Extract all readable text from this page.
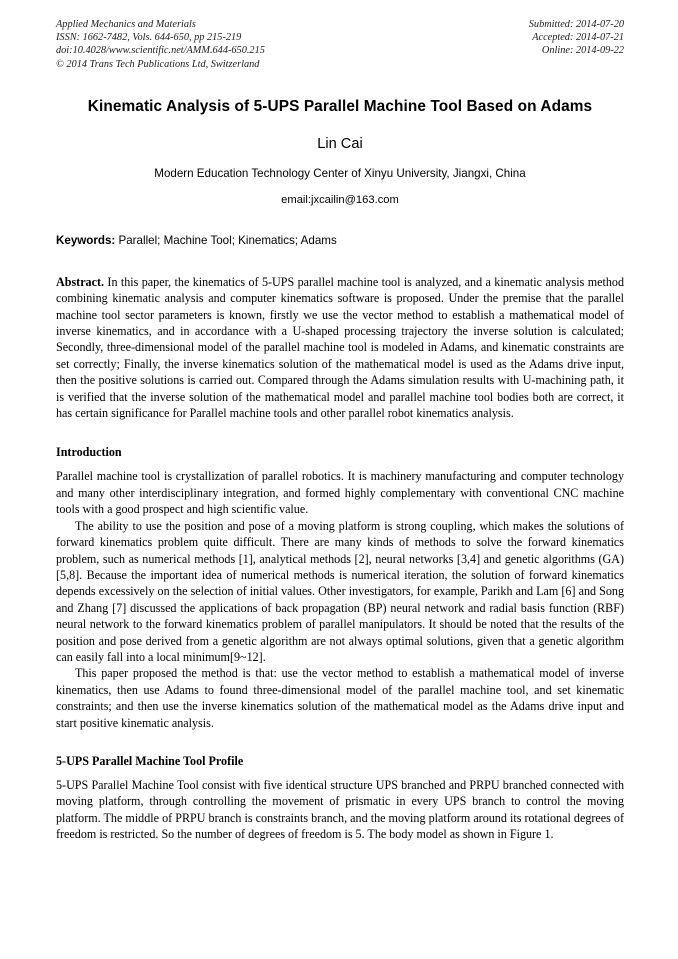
Applied Mechanics and Materials
ISSN: 1662-7482, Vols. 644-650, pp 215-219
doi:10.4028/www.scientific.net/AMM.644-650.215
© 2014 Trans Tech Publications Ltd, Switzerland
Submitted: 2014-07-20
Accepted: 2014-07-21
Online: 2014-09-22
Kinematic Analysis of 5-UPS Parallel Machine Tool Based on Adams
Lin Cai
Modern Education Technology Center of Xinyu University, Jiangxi, China
email:jxcailin@163.com
Keywords: Parallel; Machine Tool; Kinematics; Adams
Abstract. In this paper, the kinematics of 5-UPS parallel machine tool is analyzed, and a kinematic analysis method combining kinematic analysis and computer kinematics software is proposed. Under the premise that the parallel machine tool sector parameters is known, firstly we use the vector method to establish a mathematical model of inverse kinematics, and in accordance with a U-shaped processing trajectory the inverse solution is calculated; Secondly, three-dimensional model of the parallel machine tool is modeled in Adams, and kinematic constraints are set correctly; Finally, the inverse kinematics solution of the mathematical model is used as the Adams drive input, then the positive solutions is carried out. Compared through the Adams simulation results with U-machining path, it is verified that the inverse solution of the mathematical model and parallel machine tool bodies both are correct, it has certain significance for Parallel machine tools and other parallel robot kinematics analysis.
Introduction

Parallel machine tool is crystallization of parallel robotics. It is machinery manufacturing and computer technology and many other interdisciplinary integration, and formed highly complementary with conventional CNC machine tools with a good prospect and high scientific value.

The ability to use the position and pose of a moving platform is strong coupling, which makes the solutions of forward kinematics problem quite difficult. There are many kinds of methods to solve the forward kinematics problem, such as numerical methods [1], analytical methods [2], neural networks [3,4] and genetic algorithms (GA) [5,8]. Because the important idea of numerical methods is numerical iteration, the solution of forward kinematics depends excessively on the selection of initial values. Other investigators, for example, Parikh and Lam [6] and Song and Zhang [7] discussed the applications of back propagation (BP) neural network and radial basis function (RBF) neural network to the forward kinematics problem of parallel manipulators. It should be noted that the results of the position and pose derived from a genetic algorithm are not always optimal solutions, given that a genetic algorithm can easily fall into a local minimum[9~12].

This paper proposed the method is that: use the vector method to establish a mathematical model of inverse kinematics, then use Adams to found three-dimensional model of the parallel machine tool, and set kinematic constraints; and then use the inverse kinematics solution of the mathematical model as the Adams drive input and start positive kinematic analysis.

5-UPS Parallel Machine Tool Profile

5-UPS Parallel Machine Tool consist with five identical structure UPS branched and PRPU branched connected with moving platform, through controlling the movement of prismatic in every UPS branch to control the moving platform. The middle of PRPU branch is constraints branch, and the moving platform around its rotational degrees of freedom is restricted. So the number of degrees of freedom is 5. The body model as shown in Figure 1.
